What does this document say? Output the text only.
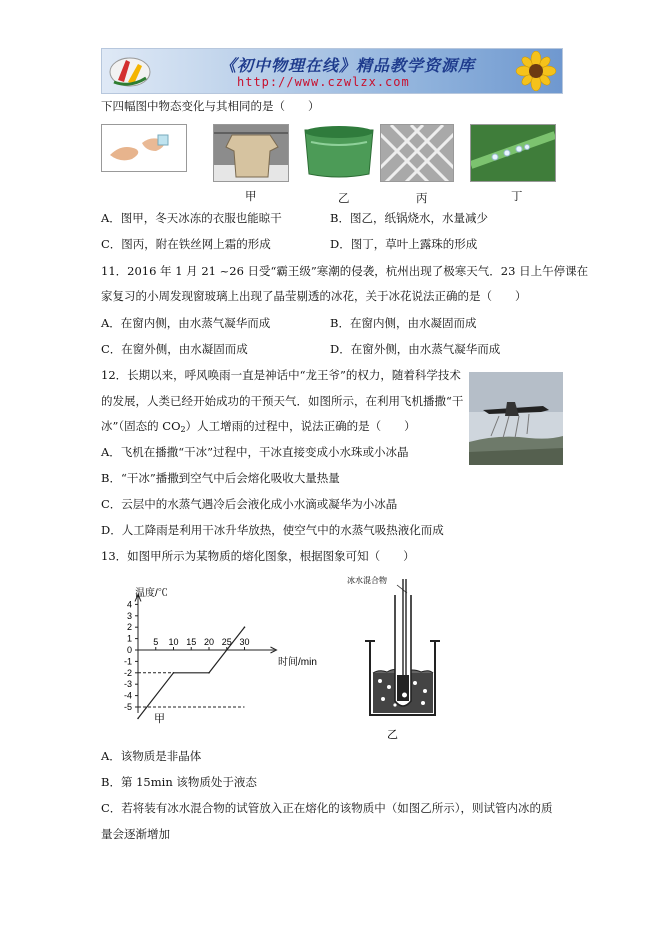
《初中物理在线》精品教学资源库
http://www.czwlzx.com
下四幅图中物态变化与其相同的是（　　）
甲	乙	丙	丁
A．图甲，冬天冰冻的衣服也能晾干	B．图乙，纸锅烧水，水量减少
C．图丙，附在铁丝网上霜的形成	D．图丁，草叶上露珠的形成
11．2016 年 1 月 21 ~26 日受“霸王级”寒潮的侵袭，杭州出现了极寒天气．23 日上午停课在
家复习的小周发现窗玻璃上出现了晶莹剔透的冰花，关于冰花说法正确的是（　　）
A．在窗内侧，由水蒸气凝华而成	B．在窗内侧，由水凝固而成
C．在窗外侧，由水凝固而成	D．在窗外侧，由水蒸气凝华而成
12．长期以来，呼风唤雨一直是神话中“龙王爷”的权力，随着科学技术
的发展，人类已经开始成功的干预天气．如图所示，在利用飞机播撒“干
冰”（固态的 $CO_2$）人工增雨的过程中，说法正确的是（　　）
A．飞机在播撒“干冰”过程中，干冰直接变成小水珠或小冰晶
B．“干冰”播撒到空气中后会熔化吸收大量热量
C．云层中的水蒸气遇冷后会液化成小水滴或凝华为小冰晶
D．人工降雨是利用干冰升华放热，使空气中的水蒸气吸热液化而成
13．如图甲所示为某物质的熔化图象，根据图象可知（　　）
4
3
2
1
0
-1
-2
-3
-4
-5
5 10 15 20 25 30
温度/℃
时间/min
甲
冰水混合物
乙
A．该物质是非晶体
B．第 15min 该物质处于液态
C．若将装有冰水混合物的试管放入正在熔化的该物质中（如图乙所示），则试管内冰的质
量会逐渐增加
